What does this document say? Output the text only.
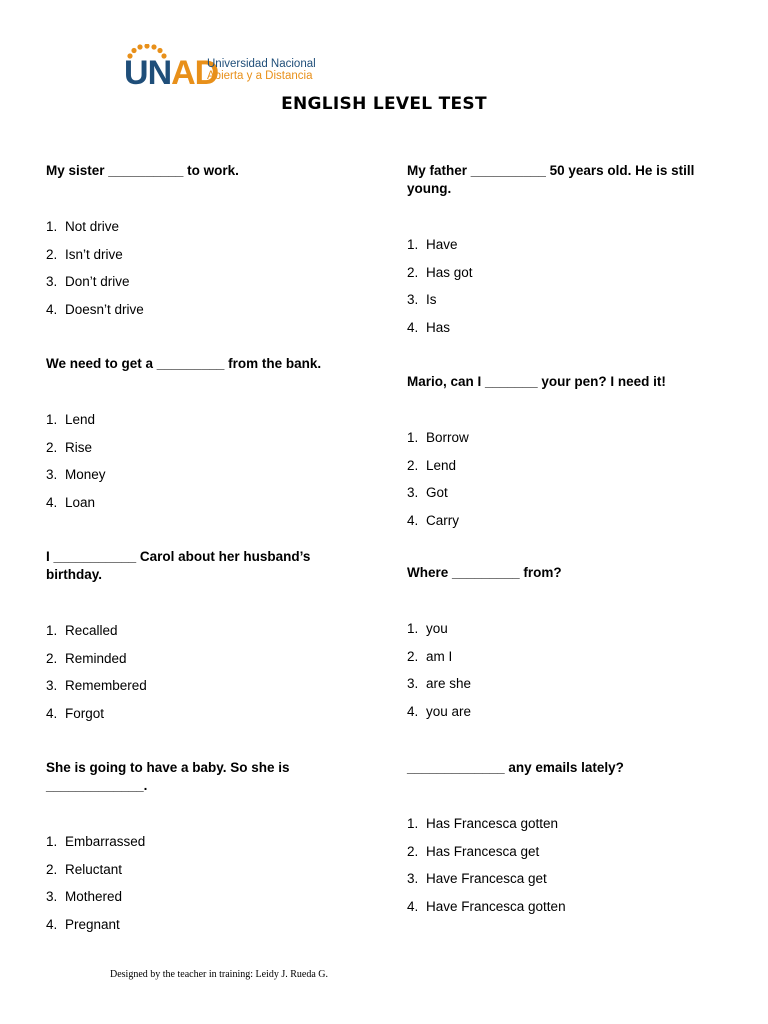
UNAD
Universidad Nacional
Abierta y a Distancia
ENGLISH LEVEL TEST

My sister __________ to work.

1. Not drive
2. Isn’t drive
3. Don’t drive
4. Doesn’t drive

We need to get a _________ from the bank.

1. Lend
2. Rise
3. Money
4. Loan

I ___________ Carol about her husband’s birthday.

1. Recalled
2. Reminded
3. Remembered
4. Forgot

She is going to have a baby. So she is _____________.

1. Embarrassed
2. Reluctant
3. Mothered
4. Pregnant

My father __________ 50 years old. He is still young.

1. Have
2. Has got
3. Is
4. Has

Mario, can I _______ your pen? I need it!

1. Borrow
2. Lend
3. Got
4. Carry

Where _________ from?

1. you
2. am I
3. are she
4. you are

_____________ any emails lately?

1. Has Francesca gotten
2. Has Francesca get
3. Have Francesca get
4. Have Francesca gotten
Designed by the teacher in training: Leidy J. Rueda G.
